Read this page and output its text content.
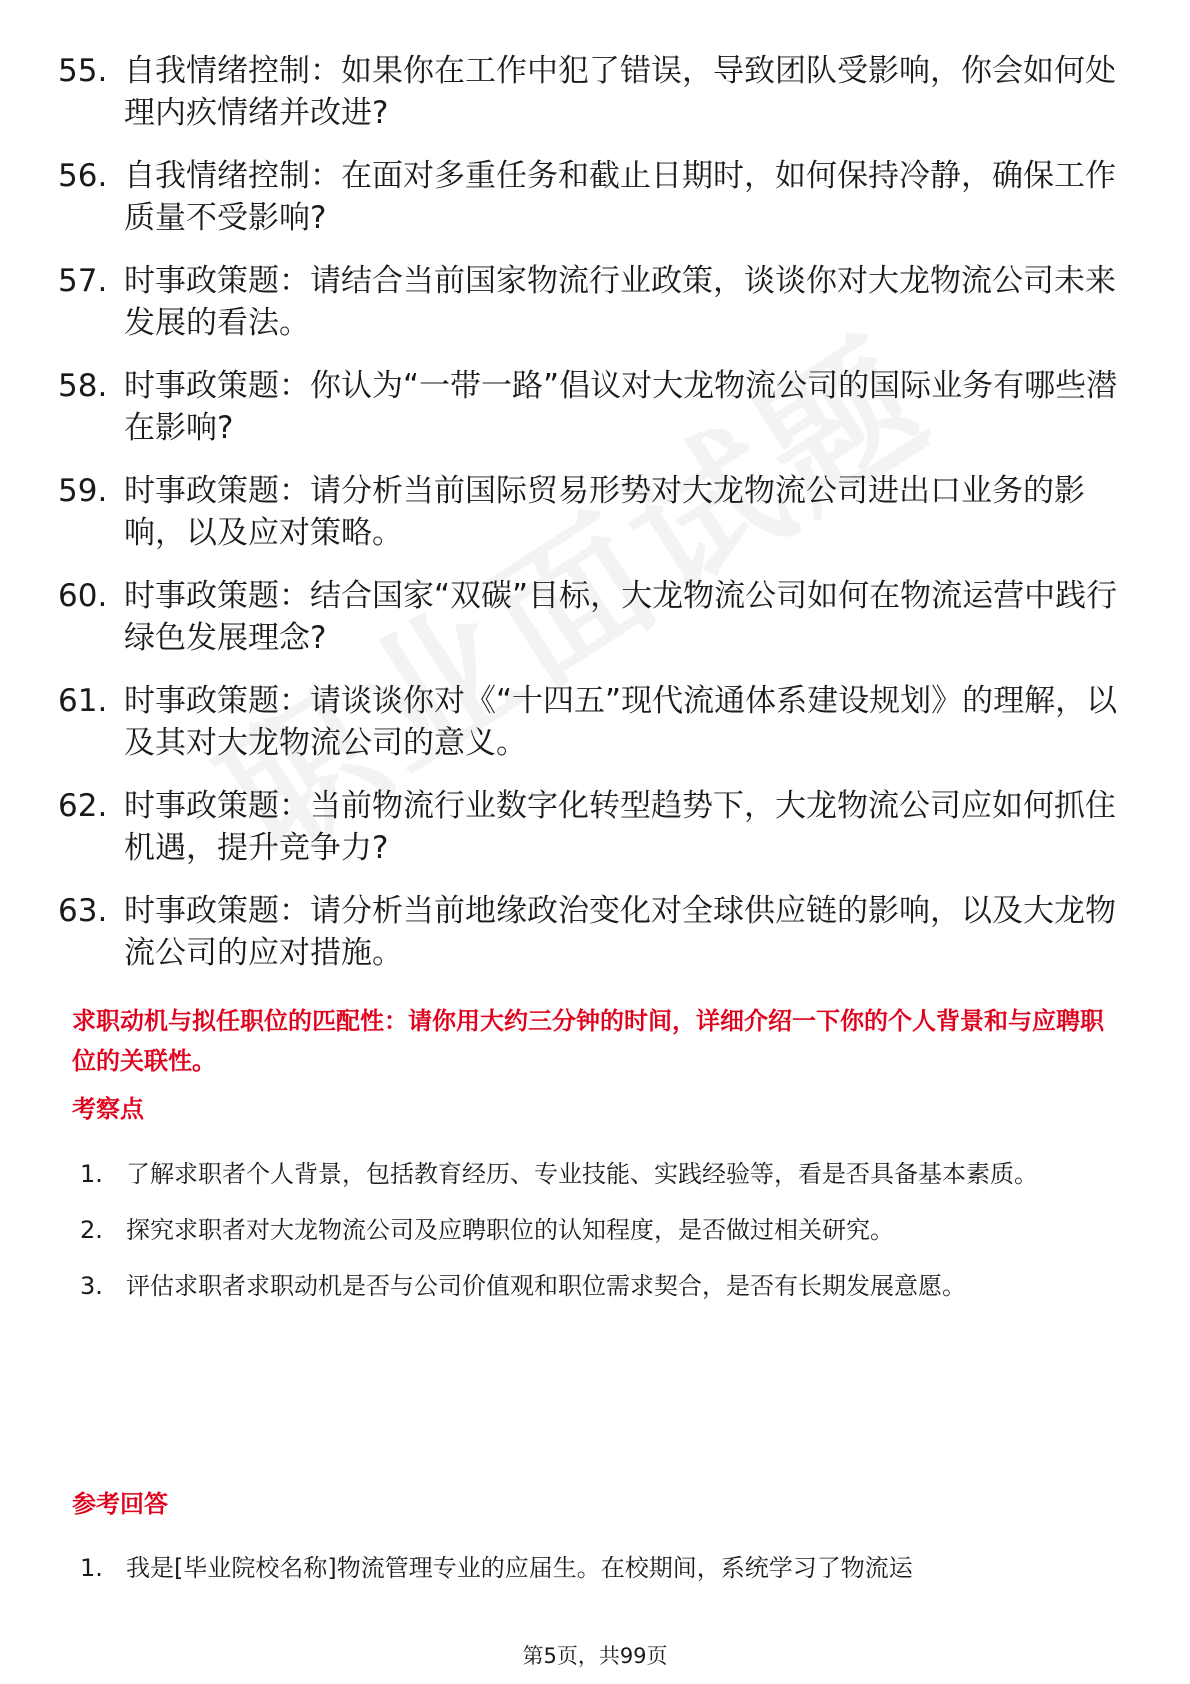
55. 自我情绪控制：如果你在工作中犯了错误，导致团队受影响，你会如何处理内疚情绪并改进?
56. 自我情绪控制：在面对多重任务和截止日期时，如何保持冷静，确保工作质量不受影响?
57. 时事政策题：请结合当前国家物流行业政策，谈谈你对大龙物流公司未来发展的看法。
58. 时事政策题：你认为“一带一路”倡议对大龙物流公司的国际业务有哪些潜在影响?
59. 时事政策题：请分析当前国际贸易形势对大龙物流公司进出口业务的影响，以及应对策略。
60. 时事政策题：结合国家“双碳”目标，大龙物流公司如何在物流运营中践行绿色发展理念?
61. 时事政策题：请谈谈你对《“十四五”现代流通体系建设规划》的理解，以及其对大龙物流公司的意义。
62. 时事政策题：当前物流行业数字化转型趋势下，大龙物流公司应如何抓住机遇，提升竞争力?
63. 时事政策题：请分析当前地缘政治变化对全球供应链的影响，以及大龙物流公司的应对措施。
求职动机与拟任职位的匹配性：请你用大约三分钟的时间，详细介绍一下你的个人背景和与应聘职位的关联性。
考察点
1. 了解求职者个人背景，包括教育经历、专业技能、实践经验等，看是否具备基本素质。
2. 探究求职者对大龙物流公司及应聘职位的认知程度，是否做过相关研究。
3. 评估求职者求职动机是否与公司价值观和职位需求契合，是否有长期发展意愿。
参考回答
1. 我是[毕业院校名称]物流管理专业的应届生。在校期间，系统学习了物流运
第5页，共99页
